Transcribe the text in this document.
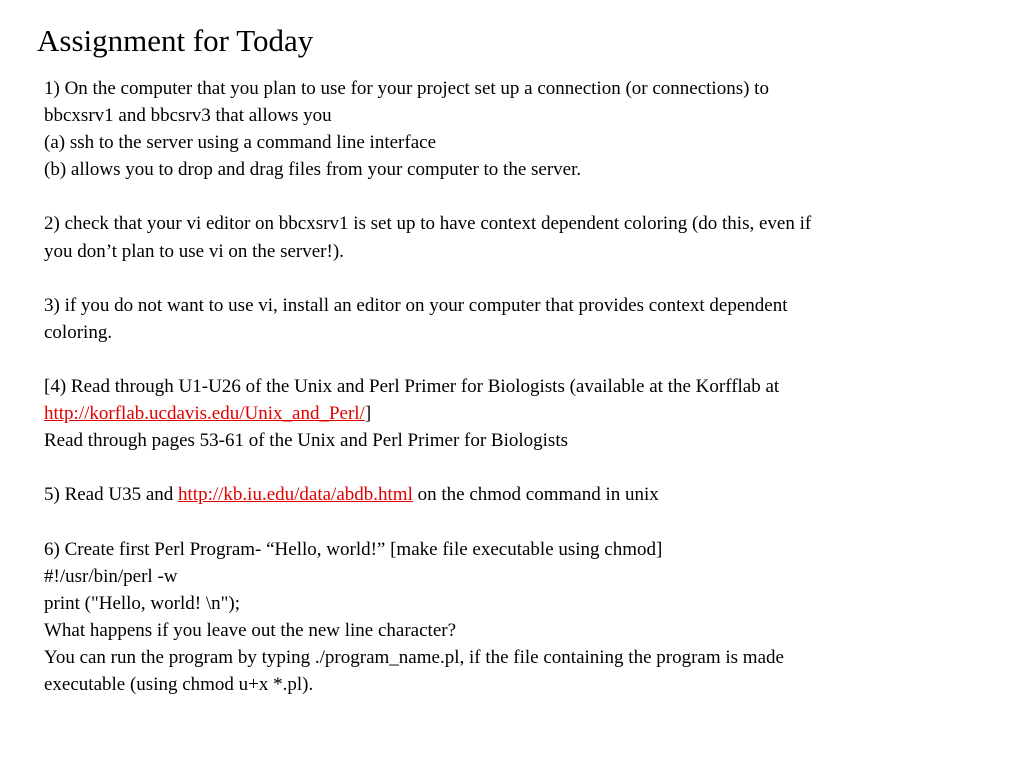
Assignment for Today
1) On the computer that you plan to use for your project set up a connection (or connections) to
bbcxsrv1 and bbcsrv3 that allows you
(a) ssh to the server using a command line interface
(b) allows you to drop and drag files from your computer to the server.
2) check that your vi editor on bbcxsrv1 is set up to have context dependent coloring (do this, even if
you don’t plan to use vi on the server!).
3) if you do not want to use vi, install an editor on your computer that provides context dependent
coloring.
[4) Read through U1-U26 of the Unix and Perl Primer for Biologists (available at the Korfflab at
http://korflab.ucdavis.edu/Unix_and_Perl/]
Read through pages 53-61 of the Unix and Perl Primer for Biologists
5) Read U35 and http://kb.iu.edu/data/abdb.html on the chmod command in unix
6) Create first Perl Program- “Hello, world!” [make file executable using chmod]
#!/usr/bin/perl -w
print ("Hello, world! \n");
What happens if you leave out the new line character?
You can run the program by typing ./program_name.pl, if the file containing the program is made
executable (using chmod u+x *.pl).
